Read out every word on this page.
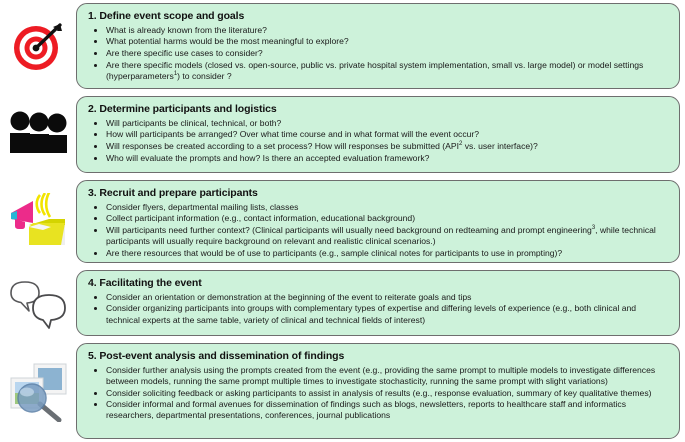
1. Define event scope and goals
What is already known from the literature?
What potential harms would be the most meaningful to explore?
Are there specific use cases to consider?
Are there specific models (closed vs. open-source, public vs. private hospital system implementation, small vs. large model) or model settings (hyperparameters$^1$) to consider ?
2. Determine participants and logistics
Will participants be clinical, technical, or both?
How will participants be arranged? Over what time course and in what format will the event occur?
Will responses be created according to a set process? How will responses be submitted (API$^2$ vs. user interface)?
Who will evaluate the prompts and how? Is there an accepted evaluation framework?
3. Recruit and prepare participants
Consider flyers, departmental mailing lists, classes
Collect participant information (e.g., contact information, educational background)
Will participants need further context? (Clinical participants will usually need background on redteaming and prompt engineering$^3$, while technical participants will usually require background on relevant and realistic clinical scenarios.)
Are there resources that would be of use to participants (e.g., sample clinical notes for participants to use in prompting)?
4. Facilitating the event
Consider an orientation or demonstration at the beginning of the event to reiterate goals and tips
Consider organizing participants into groups with complementary types of expertise and differing levels of experience (e.g., both clinical and technical experts at the same table, variety of clinical and technical fields of interest)
5. Post-event analysis and dissemination of findings
Consider further analysis using the prompts created from the event (e.g., providing the same prompt to multiple models to investigate differences between models, running the same prompt multiple times to investigate stochasticity, running the same prompt with slight variations)
Consider soliciting feedback or asking participants to assist in analysis of results (e.g., response evaluation, summary of key qualitative themes)
Consider informal and formal avenues for dissemination of findings such as blogs, newsletters, reports to healthcare staff and informatics researchers, departmental presentations, conferences, journal publications
